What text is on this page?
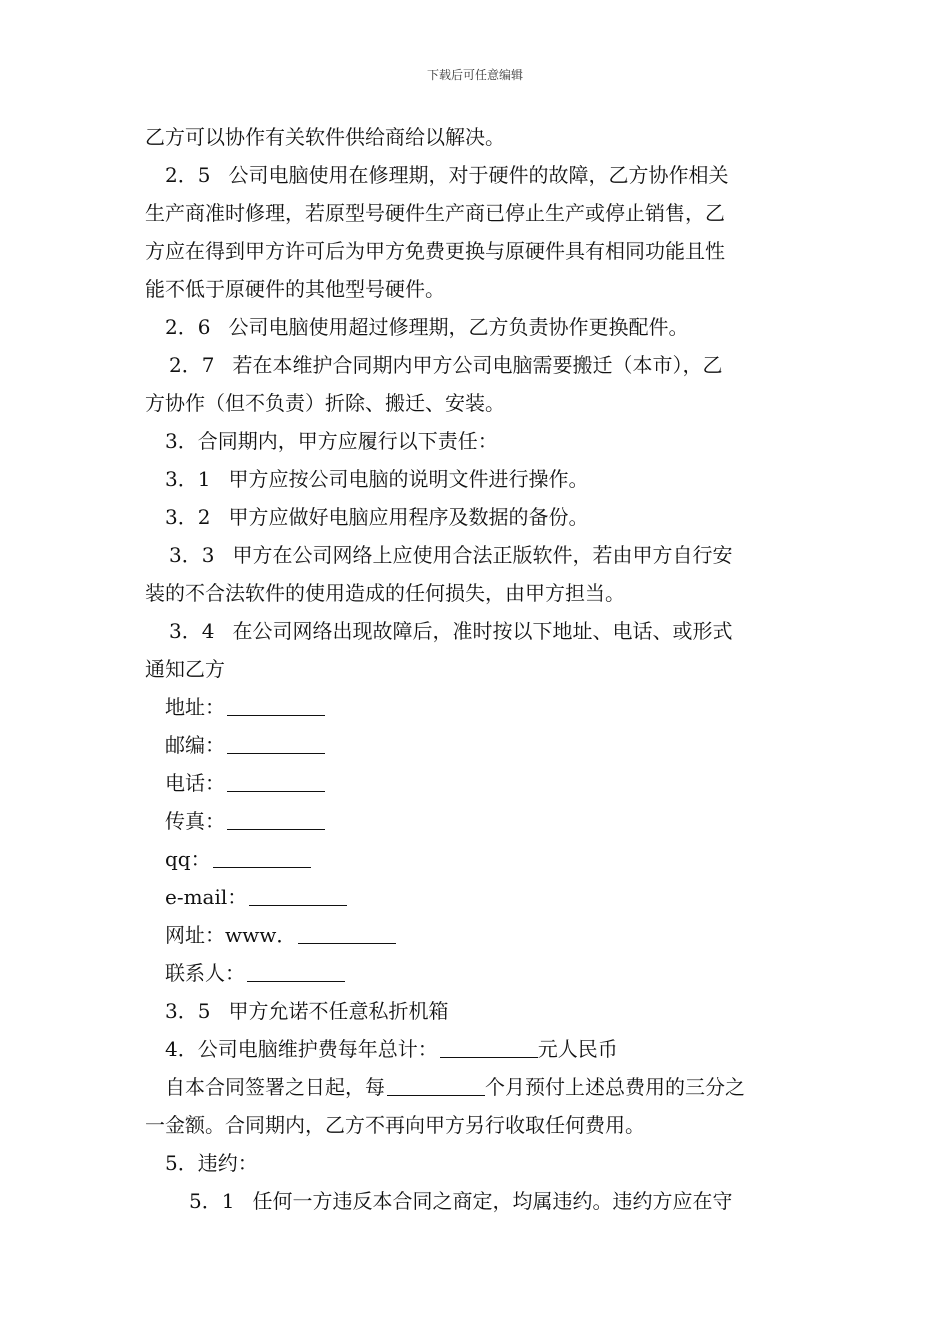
下载后可任意编辑
乙方可以协作有关软件供给商给以解决。
2．5 公司电脑使用在修理期，对于硬件的故障，乙方协作相关
生产商准时修理，若原型号硬件生产商已停止生产或停止销售，乙
方应在得到甲方许可后为甲方免费更换与原硬件具有相同功能且性
能不低于原硬件的其他型号硬件。
2．6 公司电脑使用超过修理期，乙方负责协作更换配件。
2．7 若在本维护合同期内甲方公司电脑需要搬迁（本市），乙
方协作（但不负责）折除、搬迁、安装。
3．合同期内，甲方应履行以下责任：
3．1 甲方应按公司电脑的说明文件进行操作。
3．2 甲方应做好电脑应用程序及数据的备份。
3．3 甲方在公司网络上应使用合法正版软件，若由甲方自行安
装的不合法软件的使用造成的任何损失，由甲方担当。
3．4 在公司网络出现故障后，准时按以下地址、电话、或形式
通知乙方
地址：
邮编：
电话：
传真：
qq：
e-mail：
网址：www．
联系人：
3．5 甲方允诺不任意私折机箱
4．公司电脑维护费每年总计：	元人民币
自本合同签署之日起，每	个月预付上述总费用的三分之
一金额。合同期内，乙方不再向甲方另行收取任何费用。
5．违约：
5．1 任何一方违反本合同之商定，均属违约。违约方应在守
